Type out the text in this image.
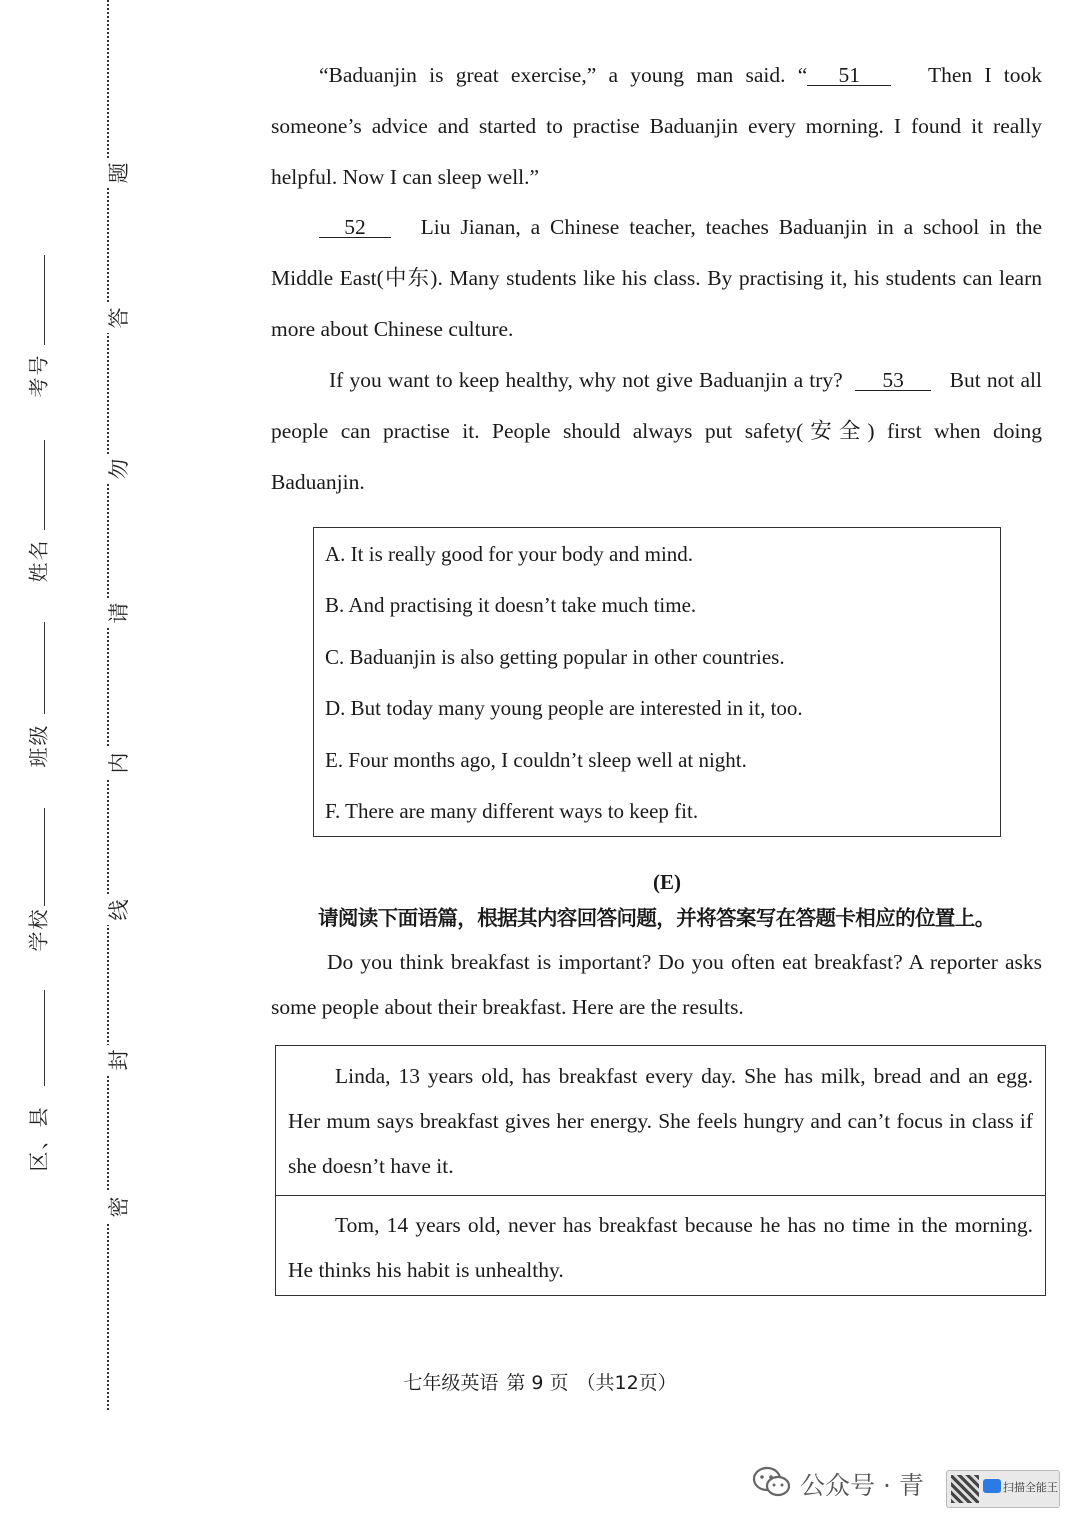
题
答
勿
请
内
线
封
密
考号
姓名
班级
学校
区、县
“Baduanjin is great exercise,” a young man said. “ 51	Then I took someone’s advice and started to practise Baduanjin every morning. I found it really helpful. Now I can sleep well.”
52	Liu Jianan, a Chinese teacher, teaches Baduanjin in a school in the Middle East(中东). Many students like his class. By practising it, his students can learn more about Chinese culture.
If you want to keep healthy, why not give Baduanjin a try? 53 But not all people can practise it. People should always put safety(安全) first when doing Baduanjin.
A. It is really good for your body and mind.
B. And practising it doesn’t take much time.
C. Baduanjin is also getting popular in other countries.
D. But today many young people are interested in it, too.
E. Four months ago, I couldn’t sleep well at night.
F. There are many different ways to keep fit.
(E)
请阅读下面语篇，根据其内容回答问题，并将答案写在答题卡相应的位置上。
Do you think breakfast is important? Do you often eat breakfast? A reporter asks some people about their breakfast. Here are the results.
Linda, 13 years old, has breakfast every day. She has milk, bread and an egg. Her mum says breakfast gives her energy. She feels hungry and can’t focus in class if she doesn’t have it.
Tom, 14 years old, never has breakfast because he has no time in the morning. He thinks his habit is unhealthy.
七年级英语 第 9 页 （共12页）
公众号 · 青	扫描全能王
